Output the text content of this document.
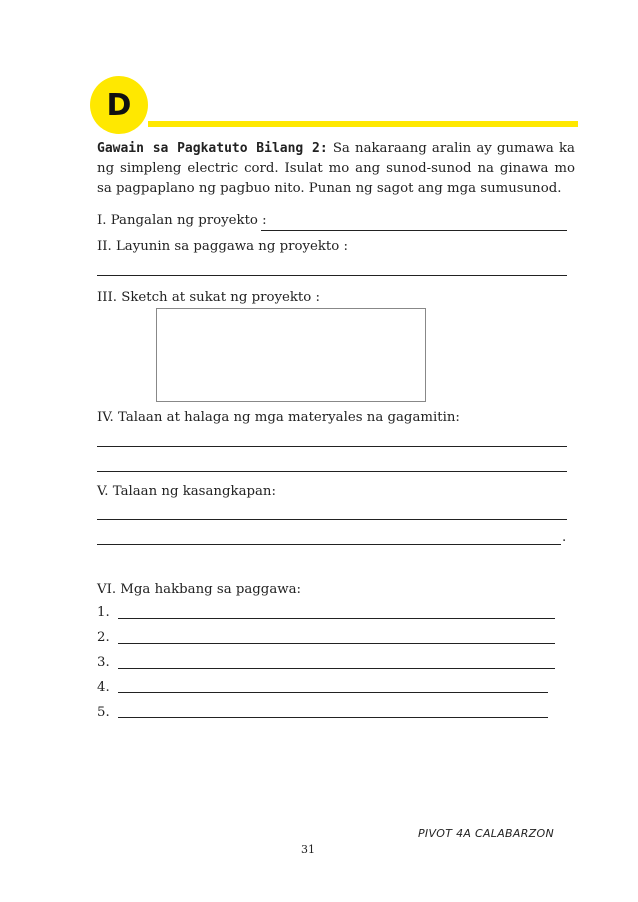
D
Gawain sa Pagkatuto Bilang 2: Sa nakaraang aralin ay gumawa ka ng simpleng electric cord. Isulat mo ang sunod-sunod na ginawa mo sa pagpaplano ng pagbuo nito. Punan ng sagot ang mga sumusunod.
I. Pangalan ng proyekto :
II. Layunin sa paggawa ng proyekto :
III. Sketch at sukat ng proyekto :
IV. Talaan at halaga ng mga materyales na gagamitin:
V. Talaan ng kasangkapan:
.
VI. Mga hakbang sa paggawa:
1.
2.
3.
4.
5.
PIVOT 4A CALABARZON
31
